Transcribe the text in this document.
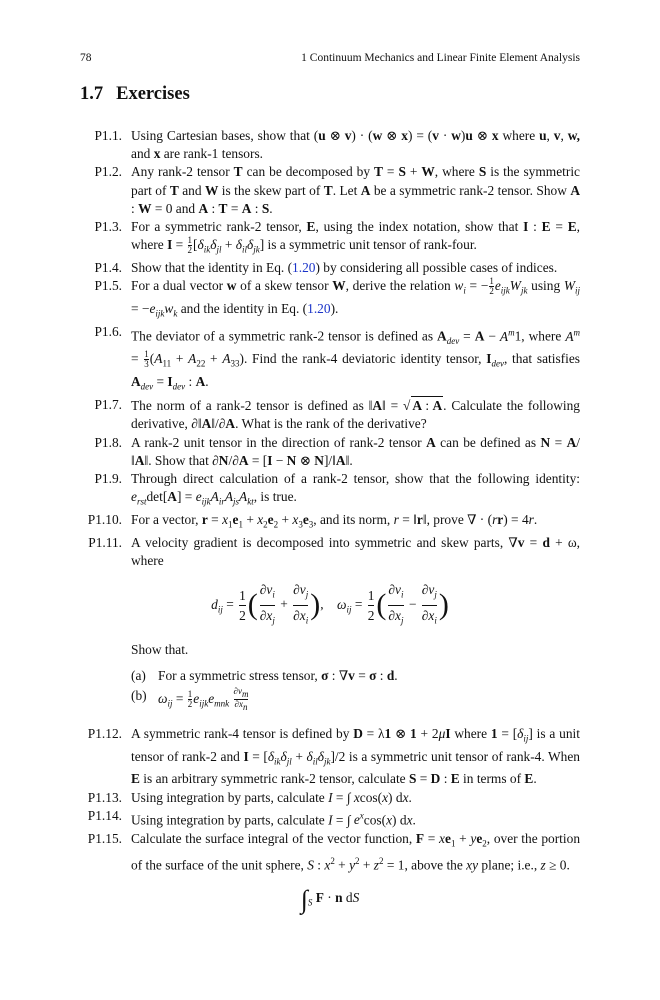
78	1 Continuum Mechanics and Linear Finite Element Analysis
1.7 Exercises
P1.1. Using Cartesian bases, show that (u ⊗ v) · (w ⊗ x) = (v · w)u ⊗ x where u, v, w, and x are rank-1 tensors.
P1.2. Any rank-2 tensor T can be decomposed by T = S + W, where S is the symmetric part of T and W is the skew part of T. Let A be a symmetric rank-2 tensor. Show A : W = 0 and A : T = A : S.
P1.3. For a symmetric rank-2 tensor, E, using the index notation, show that I : E = E, where $I = \frac{1}{2} [\delta_{ik}\delta_{jl} + \delta_{il}\delta_{jk}]$ is a symmetric unit tensor of rank-four.
P1.4. Show that the identity in Eq. (1.20) by considering all possible cases of indices.
P1.5. For a dual vector w of a skew tensor W, derive the relation $w_i$ = − $\frac{1}{2} e_{ijk}W_{jk}$ using $W_{ij} = -e_{ijk}w_k$ and the identity in Eq. (1.20).
P1.6. The deviator of a symmetric rank-2 tensor is defined as $A_{dev} = A - A^m1$, where $A^m = \frac{1}{3} (A_{11} + A_{22} + A_{33})$. Find the rank-4 deviatoric identity tensor, $I_{dev}$, that satisfies $A_{dev} = I_{dev}$ : A.
P1.7. The norm of a rank-2 tensor is defined as ‖A‖ = √ A : A. Calculate the following derivative, ∂‖A‖/∂A. What is the rank of the derivative?
P1.8. A rank-2 unit tensor in the direction of rank-2 tensor A can be defined as N = A/‖A‖. Show that ∂N/∂A = [I − N ⊗ N]/‖A‖.
P1.9. Through direct calculation of a rank-2 tensor, show that the following identity: $e_{rst}\det[A] = e_{ijk}A_{ir}A_{js}A_{kt}$, is true.
P1.10. For a vector, $r = x_1e_1 + x_2e_2 + x_3e_3$, and its norm, r = ‖r‖, prove ∇ · (rr) = 4r.
P1.11. A velocity gradient is decomposed into symmetric and skew parts, ∇v = d + ω, where
$d_{ij} = \frac{1}{2}$ ( $\frac{\partial v_i}{\partial x_j} + \frac{\partial v_j}{\partial x_i}$ ),    $\omega_{ij} = \frac{1}{2}$ ( $\frac{\partial v_i}{\partial x_j} - \frac{\partial v_j}{\partial x_i}$ )
Show that.
(a) For a symmetric stress tensor, σ : ∇v = σ : d.
(b) $\omega_{ij} = \frac{1}{2} e_{ijk}e_{mnk} \frac{\partial v_m}{\partial x_n}$
P1.12. A symmetric rank-4 tensor is defined by D = λ1 ⊗ 1 + 2μI where $1 = [\delta_{ij}]$ is a unit tensor of rank-2 and $I = [\delta_{ik}\delta_{jl} + \delta_{il}\delta_{jk}]/2$ is a symmetric unit tensor of rank-4. When E is an arbitrary symmetric rank-2 tensor, calculate S = D : E in terms of E.
P1.13. Using integration by parts, calculate I = ∫ xcos(x) dx.
P1.14. Using integration by parts, calculate I = ∫ $e^x\cos(x)$ dx.
P1.15. Calculate the surface integral of the vector function, $F = xe_1 + ye_2$, over the portion of the surface of the unit sphere, S : $x^2 + y^2 + z^2 = 1$, above the xy plane; i.e., z ≥ 0.
$\int_S$ F · n dS
